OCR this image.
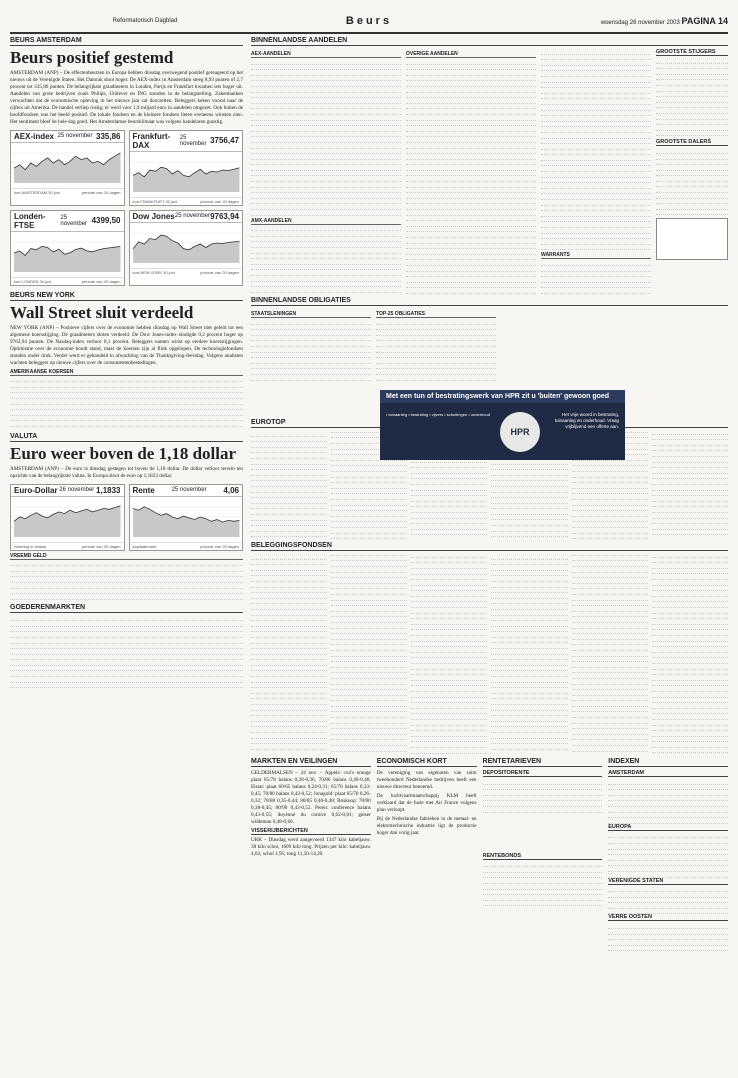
Reformatorisch Dagblad	Beurs	woensdag 26 november 2003 PAGINA 14
BEURS AMSTERDAM
Beurs positief gestemd

AMSTERDAM (ANP) – De effectenbeurzen in Europa hebben dinsdag overwegend positief gereageerd op het nieuws uit de Verenigde Staten. Het Damrak sloot hoger. De AEX-index in Amsterdam steeg 8,93 punten of 2,7 procent tot 335,86 punten. De belangrijkste graadmeters in Londen, Parijs en Frankfurt kwamen iets hoger uit. Aandelen van grote bedrijven zoals Philips, Unilever en ING stonden in de belangstelling. Zakenbanken verwachten dat de economische opleving in het nieuwe jaar zal doorzetten. Beleggers keken vooral naar de cijfers uit Amerika. De handel verliep rustig; er werd voor 1,9 miljard euro in aandelen omgezet. Ook buiten de hoofdfondsen was het beeld positief. De lokale fondsen en de kleinere fondsen lieten eveneens winsten zien. Het sentiment bleef de hele dag goed. Het Amsterdamse beursklimaat was volgens handelaren gunstig.

AEX-index 25 november 335,86
kort AMSTERDAM 30 juni	periode van 20 dagen
Frankfurt-DAX
25 november 3756,47
kort FRANKFURT 30 juni	periode van 20 dagen
Londen-FTSE
25 november 4399,50
kort LONDEN 30 juni	periode van 20 dagen
Dow Jones 25 november 9763,94
kort NEW YORK 30 juni	periode van 20 dagen
BEURS NEW YORK
Wall Street sluit verdeeld

NEW YORK (ANP) – Positieve cijfers over de economie hebben dinsdag op Wall Street niet geleid tot een algemene koersstijging. De graadmeters sloten verdeeld. De Dow Jones-index eindigde 0,2 procent hoger op 9763,94 punten. De Nasdaq-index verloor 0,1 procent. Beleggers namen winst op eerdere koersstijgingen. Optimisme over de economie houdt stand, maar de koersen zijn al flink opgelopen. De technologiefondsen stonden onder druk. Verder werd er gehandeld in afwachting van de Thanksgiving-feestdag. Volgens analisten wachten beleggers op nieuwe cijfers over de consumentenbestedingen.

AMERIKAANSE KOERSEN
VALUTA
Euro weer boven de 1,18 dollar

AMSTERDAM (ANP) – De euro is dinsdag gestegen tot boven de 1,18 dollar. De dollar verloor terrein ten opzichte van de belangrijkste valuta. In Europa sloot de euro op 1,1833 dollar.

Euro-Dollar 26 november 1,1833
Notering in dollars	periode van 20 dagen
Rente	25 november 4,06
kapitaalmarkt	periode van 20 dagen
VREEMD GELD
GOEDERENMARKTEN
BINNENLANDSE AANDELEN
AEX-AANDELEN
AMX-AANDELEN
OVERIGE AANDELEN
WARRANTS
GROOTSTE STIJGERS
GROOTSTE DALERS
BINNENLANDSE OBLIGATIES
STAATSLENINGEN	TOP-25 OBLIGATIES
EUROTOP
BELEGGINGSFONDSEN
MARKTEN EN VEILINGEN

GELDERMALSEN – 24 nov. – Appels: cox's orange plaat 65/70 balans 0,28-0,36, 70/80 balans 0,40-0,46; Elstar: plaat 60/65 balans 0,24-0,31; 65/70 balans 0,33-0,45; 70/80 balans 0,42-0,52; Jonagold: plaat 65/70 0,26-0,32; 70/80 0,35-0,44; 80/85 0,40-0,48; Boskoop: 70/80 0,38-0,45; 80/90 0,43-0,52. Peren: conference balans 0,43-0,55; doyenné du comice 0,62-0,81; gieser wildeman 0,48-0,60.

VISSERIJBERICHTEN

URK – Dinsdag werd aangevoerd 1347 kilo kabeljauw, 38 kilo schol, 1609 kilo tong. Prijzen per kilo: kabeljauw 4,02; schol 1,95; tong 11,50-14,20.

ECONOMISCH KORT

De vereniging van eigenaren van ruim tweehonderd Nederlandse bedrijven heeft een nieuwe directeur benoemd.

De luchtvaartmaatschappij KLM heeft verklaard dat de fusie met Air France volgens plan verloopt.

Bij de Nederlandse fabrieken in de metaal- en elektrotechnische industrie ligt de productie hoger dan vorig jaar.

RENTETARIEVEN
DEPOSITORENTE
RENTEBONDS
INDEXEN
AMSTERDAM
EUROPA
VERENIGDE STATEN
VERRE OOSTEN
Met een tun of bestratingswerk van HPR zit u 'buiten' gewoon goed
• tuinaanleg • bestrating • vijvers • schuttingen • onderhoud
HPR
Het vrije woord in bestrating, tuinaanleg en onderhoud. Vraag vrijblijvend een offerte aan.
